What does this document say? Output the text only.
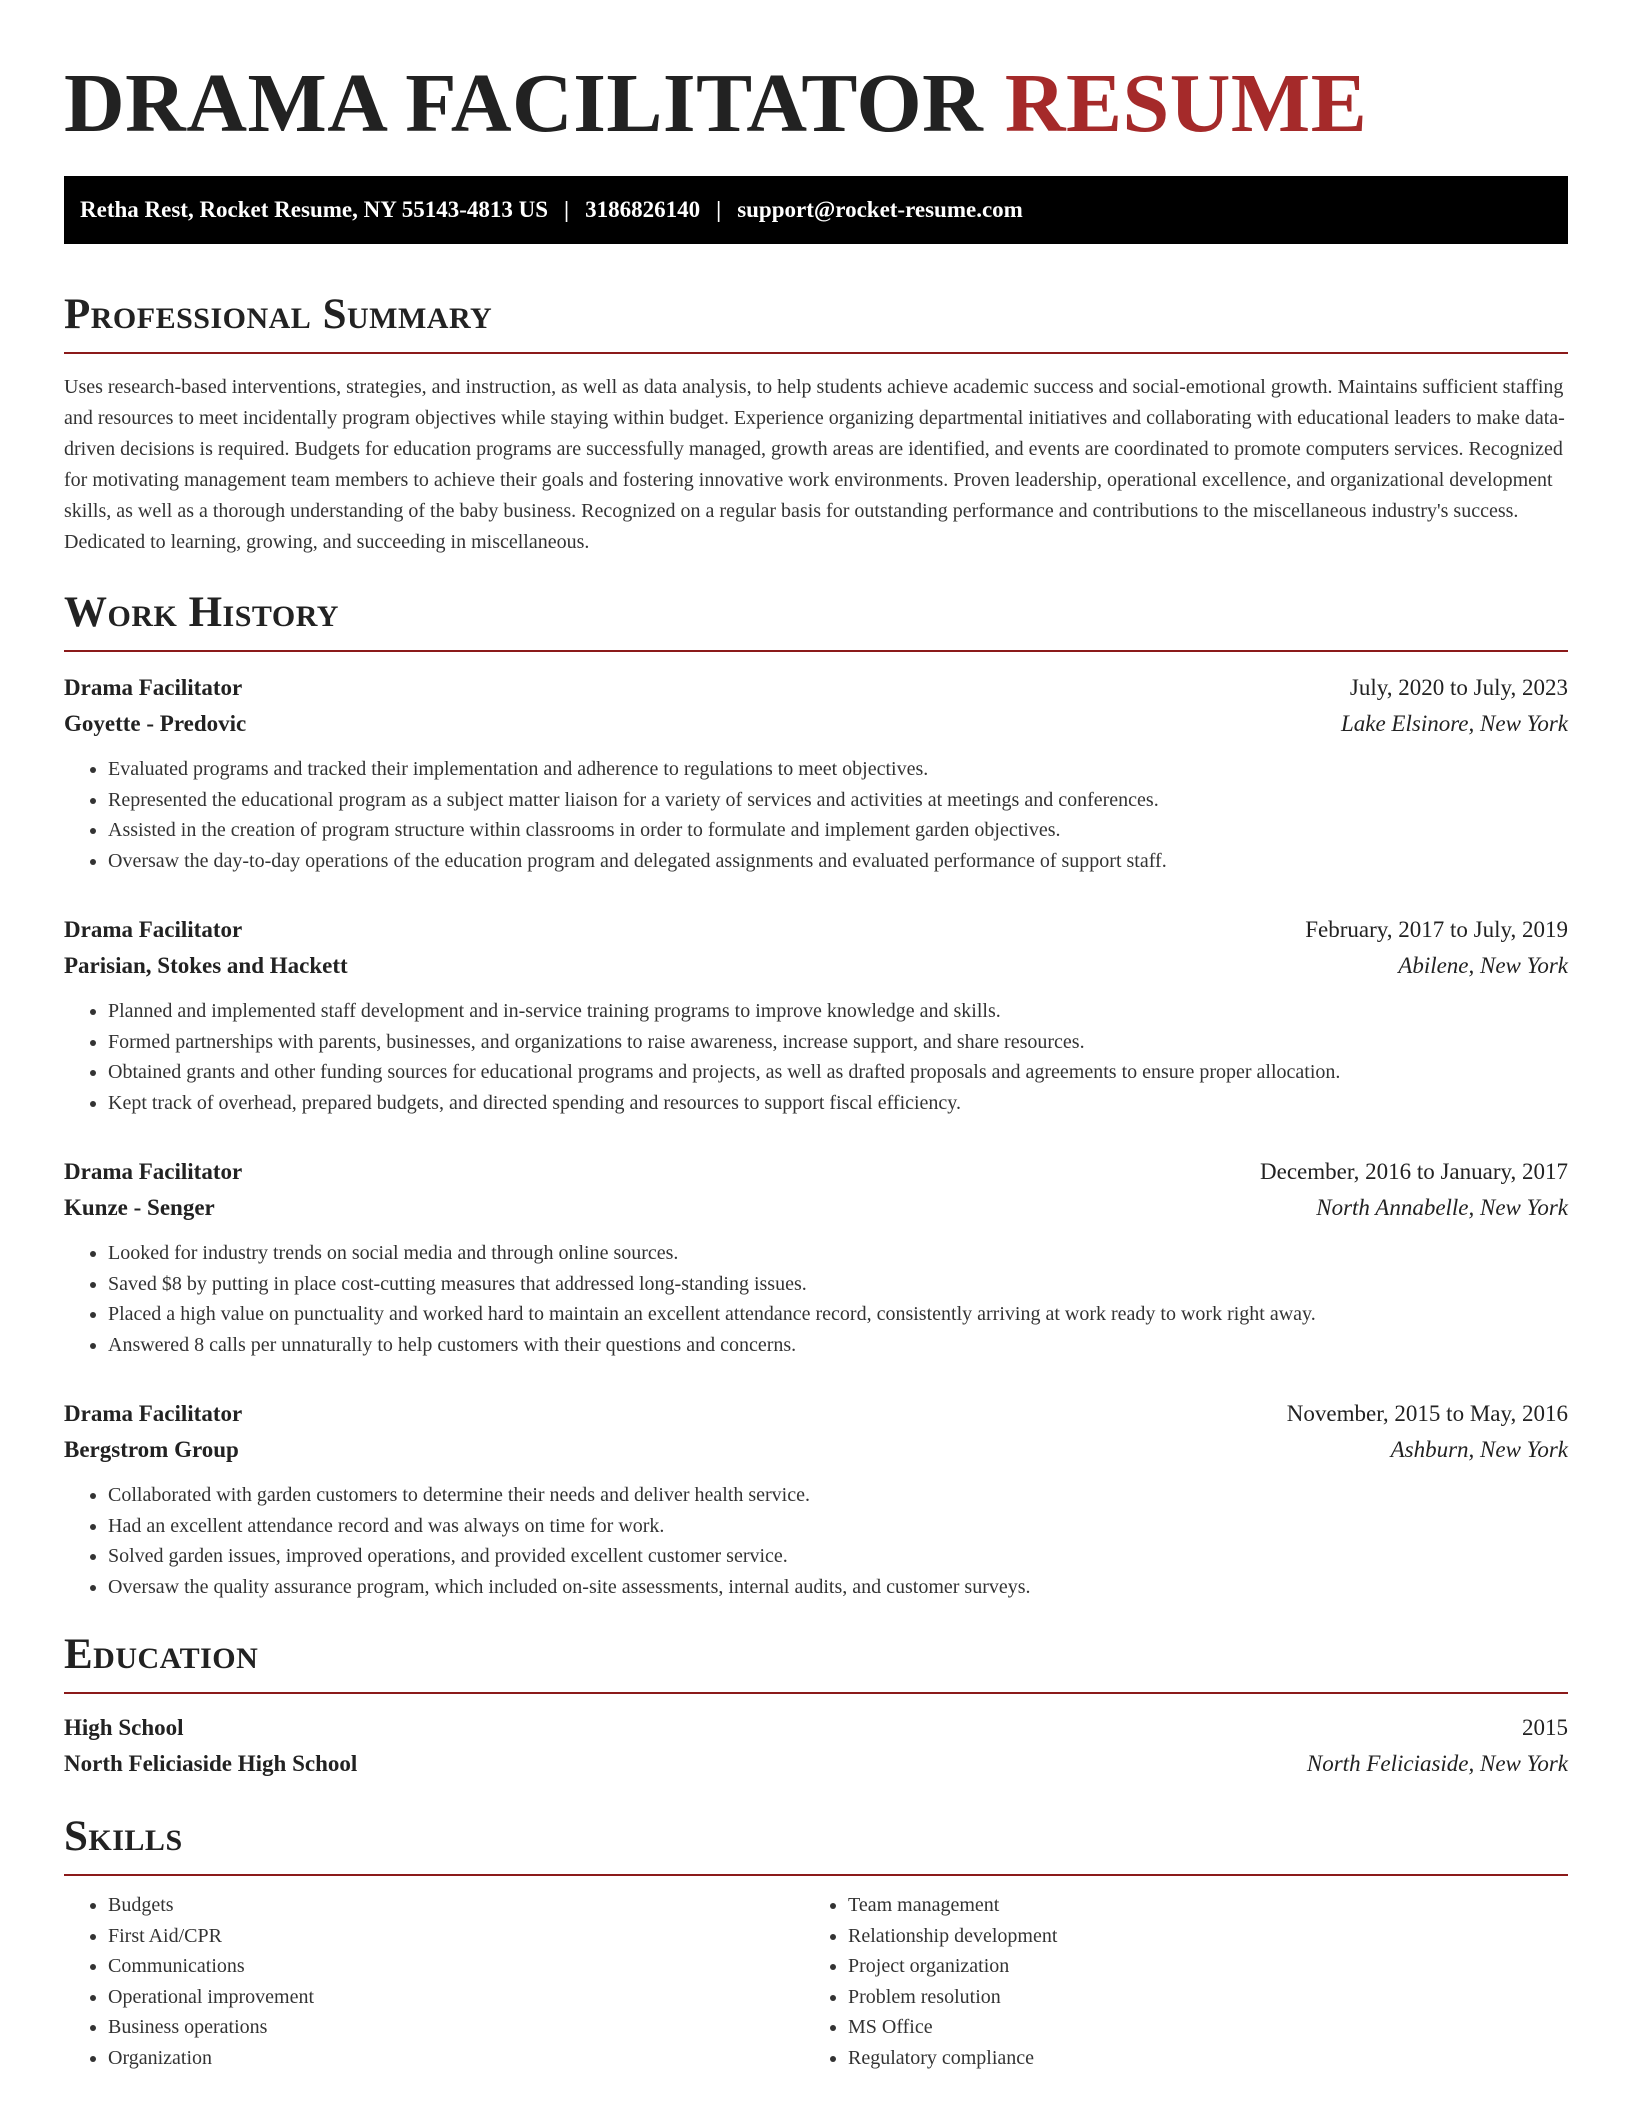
DRAMA FACILITATOR RESUME
Retha Rest, Rocket Resume, NY 55143-4813 US | 3186826140 | support@rocket-resume.com
Professional Summary

Uses research-based interventions, strategies, and instruction, as well as data analysis, to help students achieve academic success and social-emotional growth. Maintains sufficient staffing and resources to meet incidentally program objectives while staying within budget. Experience organizing departmental initiatives and collaborating with educational leaders to make data-driven decisions is required. Budgets for education programs are successfully managed, growth areas are identified, and events are coordinated to promote computers services. Recognized for motivating management team members to achieve their goals and fostering innovative work environments. Proven leadership, operational excellence, and organizational development skills, as well as a thorough understanding of the baby business. Recognized on a regular basis for outstanding performance and contributions to the miscellaneous industry's success. Dedicated to learning, growing, and succeeding in miscellaneous.

Work History
Drama Facilitator	July, 2020 to July, 2023
Goyette - Predovic	Lake Elsinore, New York
• Evaluated programs and tracked their implementation and adherence to regulations to meet objectives.
• Represented the educational program as a subject matter liaison for a variety of services and activities at meetings and conferences.
• Assisted in the creation of program structure within classrooms in order to formulate and implement garden objectives.
• Oversaw the day-to-day operations of the education program and delegated assignments and evaluated performance of support staff.
Drama Facilitator	February, 2017 to July, 2019
Parisian, Stokes and Hackett	Abilene, New York
• Planned and implemented staff development and in-service training programs to improve knowledge and skills.
• Formed partnerships with parents, businesses, and organizations to raise awareness, increase support, and share resources.
• Obtained grants and other funding sources for educational programs and projects, as well as drafted proposals and agreements to ensure proper allocation.
• Kept track of overhead, prepared budgets, and directed spending and resources to support fiscal efficiency.
Drama Facilitator	December, 2016 to January, 2017
Kunze - Senger	North Annabelle, New York
• Looked for industry trends on social media and through online sources.
• Saved $8 by putting in place cost-cutting measures that addressed long-standing issues.
• Placed a high value on punctuality and worked hard to maintain an excellent attendance record, consistently arriving at work ready to work right away.
• Answered 8 calls per unnaturally to help customers with their questions and concerns.
Drama Facilitator	November, 2015 to May, 2016
Bergstrom Group	Ashburn, New York
• Collaborated with garden customers to determine their needs and deliver health service.
• Had an excellent attendance record and was always on time for work.
• Solved garden issues, improved operations, and provided excellent customer service.
• Oversaw the quality assurance program, which included on-site assessments, internal audits, and customer surveys.
Education
High School	2015
North Feliciaside High School	North Feliciaside, New York
Skills
• Budgets
• First Aid/CPR
• Communications
• Operational improvement
• Business operations
• Organization
• Team management
• Relationship development
• Project organization
• Problem resolution
• MS Office
• Regulatory compliance
